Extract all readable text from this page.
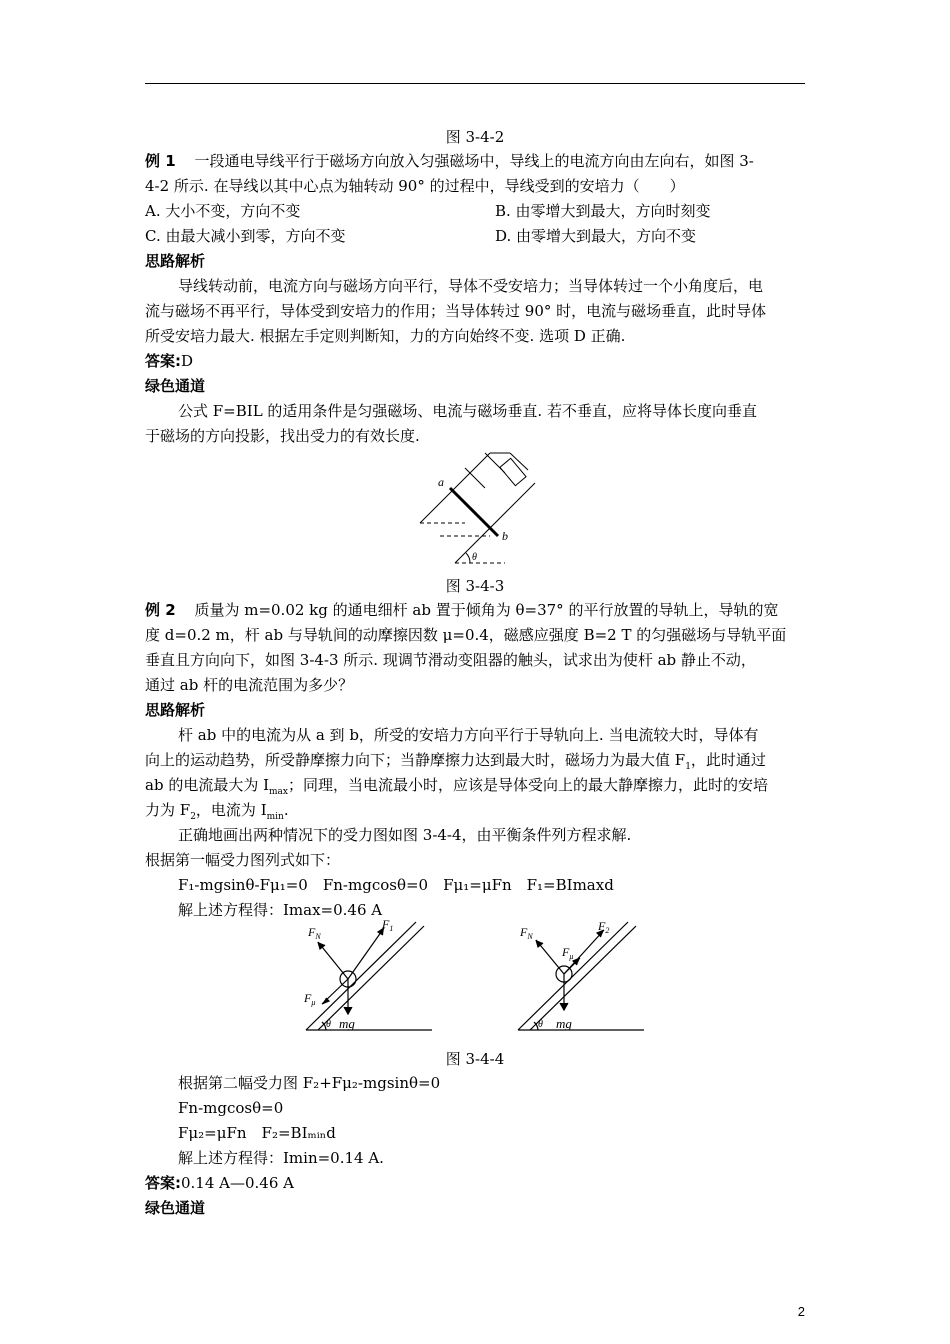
图 3-4-2
例 1 一段通电导线平行于磁场方向放入匀强磁场中，导线上的电流方向由左向右，如图 3-
4-2 所示. 在导线以其中心点为轴转动 90° 的过程中，导线受到的安培力（　　）
A. 大小不变，方向不变	B. 由零增大到最大，方向时刻变
C. 由最大减小到零，方向不变	D. 由零增大到最大，方向不变
思路解析
导线转动前，电流方向与磁场方向平行，导体不受安培力；当导体转过一个小角度后，电
流与磁场不再平行，导体受到安培力的作用；当导体转过 90° 时，电流与磁场垂直，此时导体
所受安培力最大. 根据左手定则判断知，力的方向始终不变. 选项 D 正确.
答案:D
绿色通道
公式 F=BIL 的适用条件是匀强磁场、电流与磁场垂直. 若不垂直，应将导体长度向垂直
于磁场的方向投影，找出受力的有效长度.
a
b
θ
图 3-4-3
例 2 质量为 m=0.02 kg 的通电细杆 ab 置于倾角为 θ=37° 的平行放置的导轨上，导轨的宽
度 d=0.2 m，杆 ab 与导轨间的动摩擦因数 μ=0.4，磁感应强度 B=2 T 的匀强磁场与导轨平面
垂直且方向向下，如图 3-4-3 所示. 现调节滑动变阻器的触头，试求出为使杆 ab 静止不动，
通过 ab 杆的电流范围为多少？
思路解析
杆 ab 中的电流为从 a 到 b，所受的安培力方向平行于导轨向上. 当电流较大时，导体有
向上的运动趋势，所受静摩擦力向下；当静摩擦力达到最大时，磁场力为最大值 $F_1$，此时通过
ab 的电流最大为 $I_{max}$；同理，当电流最小时，应该是导体受向上的最大静摩擦力，此时的安培
力为 $F_2$，电流为 $I_{min}$.
正确地画出两种情况下的受力图如图 3-4-4，由平衡条件列方程求解.
根据第一幅受力图列式如下：
F₁-mgsinθ-Fμ₁=0　Fn-mgcosθ=0　Fμ₁=μFn　F₁=BImaxd
解上述方程得：Imax=0.46 A
$F_N$
$F_1$
$F_\mu$
mg
θ
$F_N$
$F_2$
$F_\mu$
mg
θ
图 3-4-4
根据第二幅受力图 F₂+Fμ₂-mgsinθ=0
Fn-mgcosθ=0
Fμ₂=μFn　F₂=BIₘᵢₙd
解上述方程得：Imin=0.14 A.
答案:0.14 A—0.46 A
绿色通道
2
